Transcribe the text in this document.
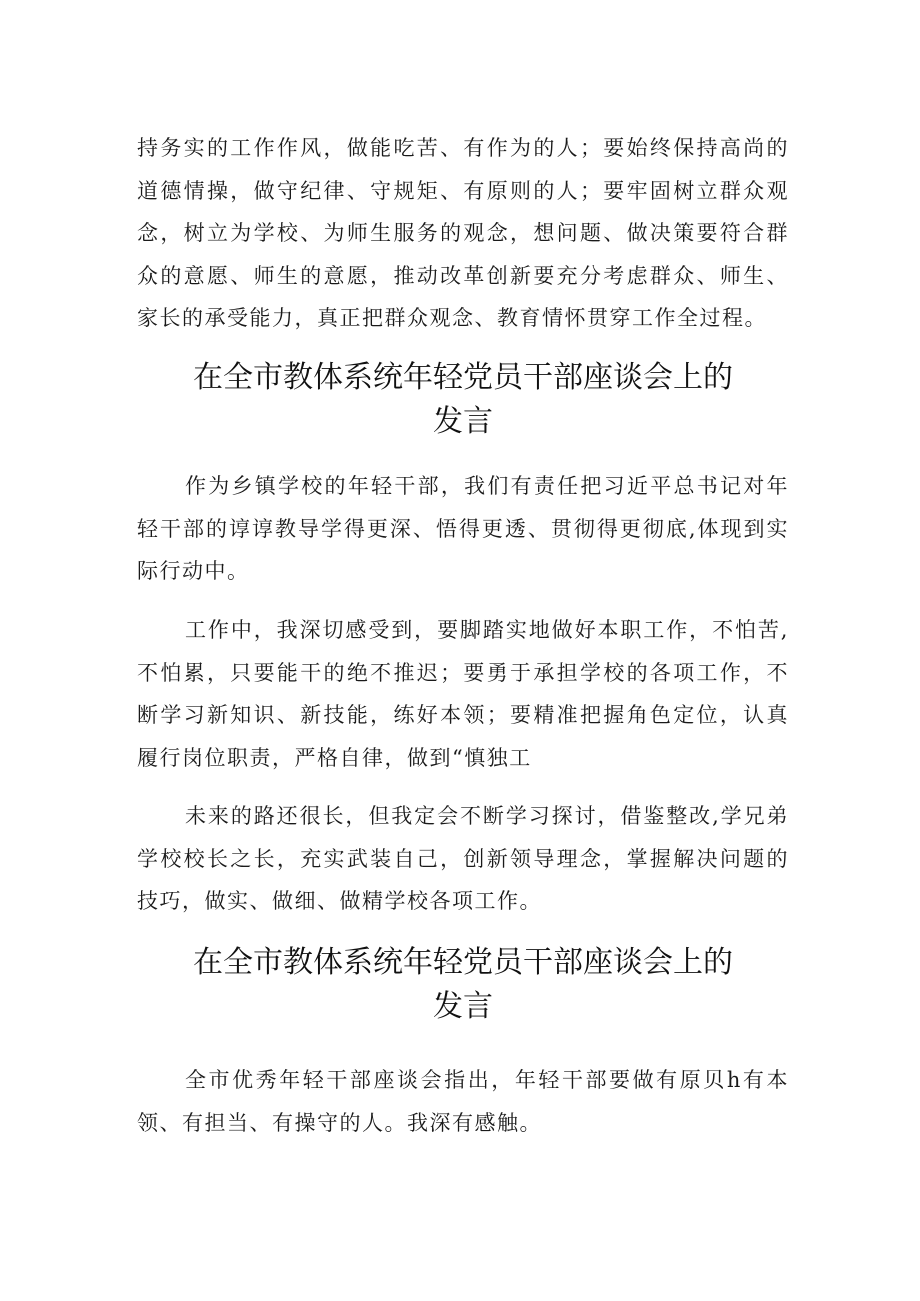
持务实的工作作风，做能吃苦、有作为的人；要始终保持高尚的道德情操，做守纪律、守规矩、有原则的人；要牢固树立群众观念，树立为学校、为师生服务的观念，想问题、做决策要符合群众的意愿、师生的意愿，推动改革创新要充分考虑群众、师生、家长的承受能力，真正把群众观念、教育情怀贯穿工作全过程。

在全市教体系统年轻党员干部座谈会上的
发言

作为乡镇学校的年轻干部，我们有责任把习近平总书记对年轻干部的谆谆教导学得更深、悟得更透、贯彻得更彻底,体现到实际行动中。

工作中，我深切感受到，要脚踏实地做好本职工作，不怕苦,不怕累，只要能干的绝不推迟；要勇于承担学校的各项工作，不断学习新知识、新技能，练好本领；要精准把握角色定位，认真履行岗位职责，严格自律，做到“慎独工

未来的路还很长，但我定会不断学习探讨，借鉴整改,学兄弟学校校长之长，充实武装自己，创新领导理念，掌握解决问题的技巧，做实、做细、做精学校各项工作。

在全市教体系统年轻党员干部座谈会上的
发言

全市优秀年轻干部座谈会指出，年轻干部要做有原贝h有本领、有担当、有操守的人。我深有感触。
